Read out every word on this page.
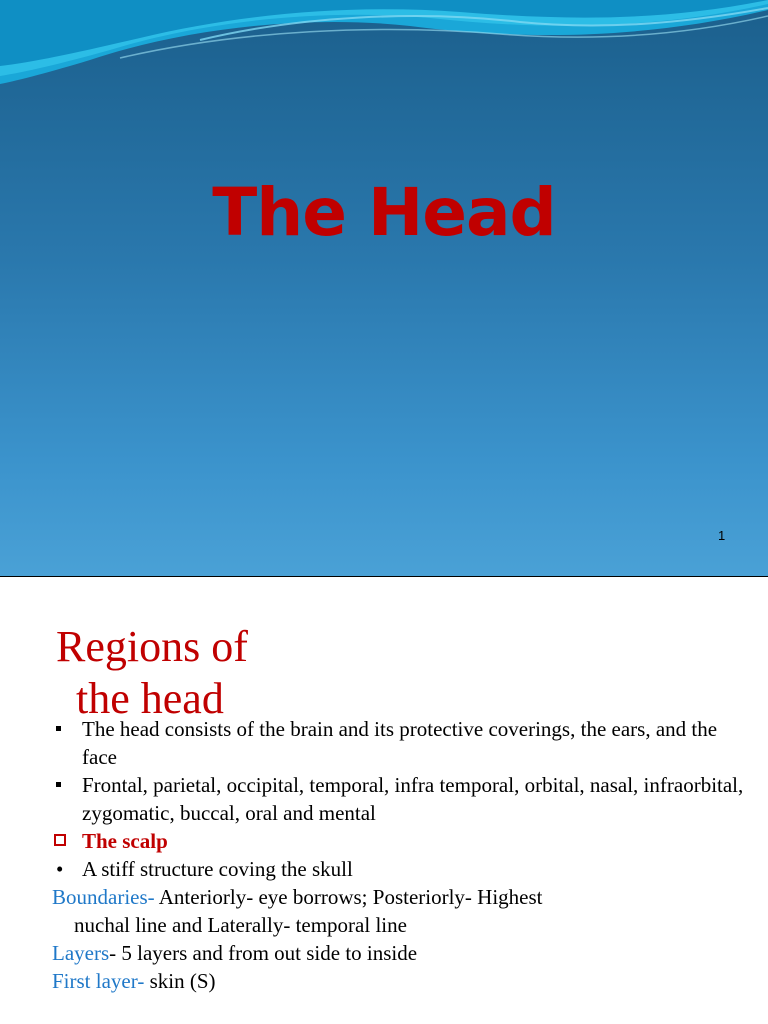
The Head
1
Regions of
the head
The head consists of the brain and its protective coverings, the ears, and the face
Frontal, parietal, occipital, temporal, infra temporal, orbital, nasal, infraorbital, zygomatic, buccal, oral and mental
The scalp
• A stiff structure coving the skull
Boundaries- Anteriorly- eye borrows; Posteriorly- Highest
nuchal line and Laterally- temporal line
Layers- 5 layers and from out side to inside
First layer- skin (S)
